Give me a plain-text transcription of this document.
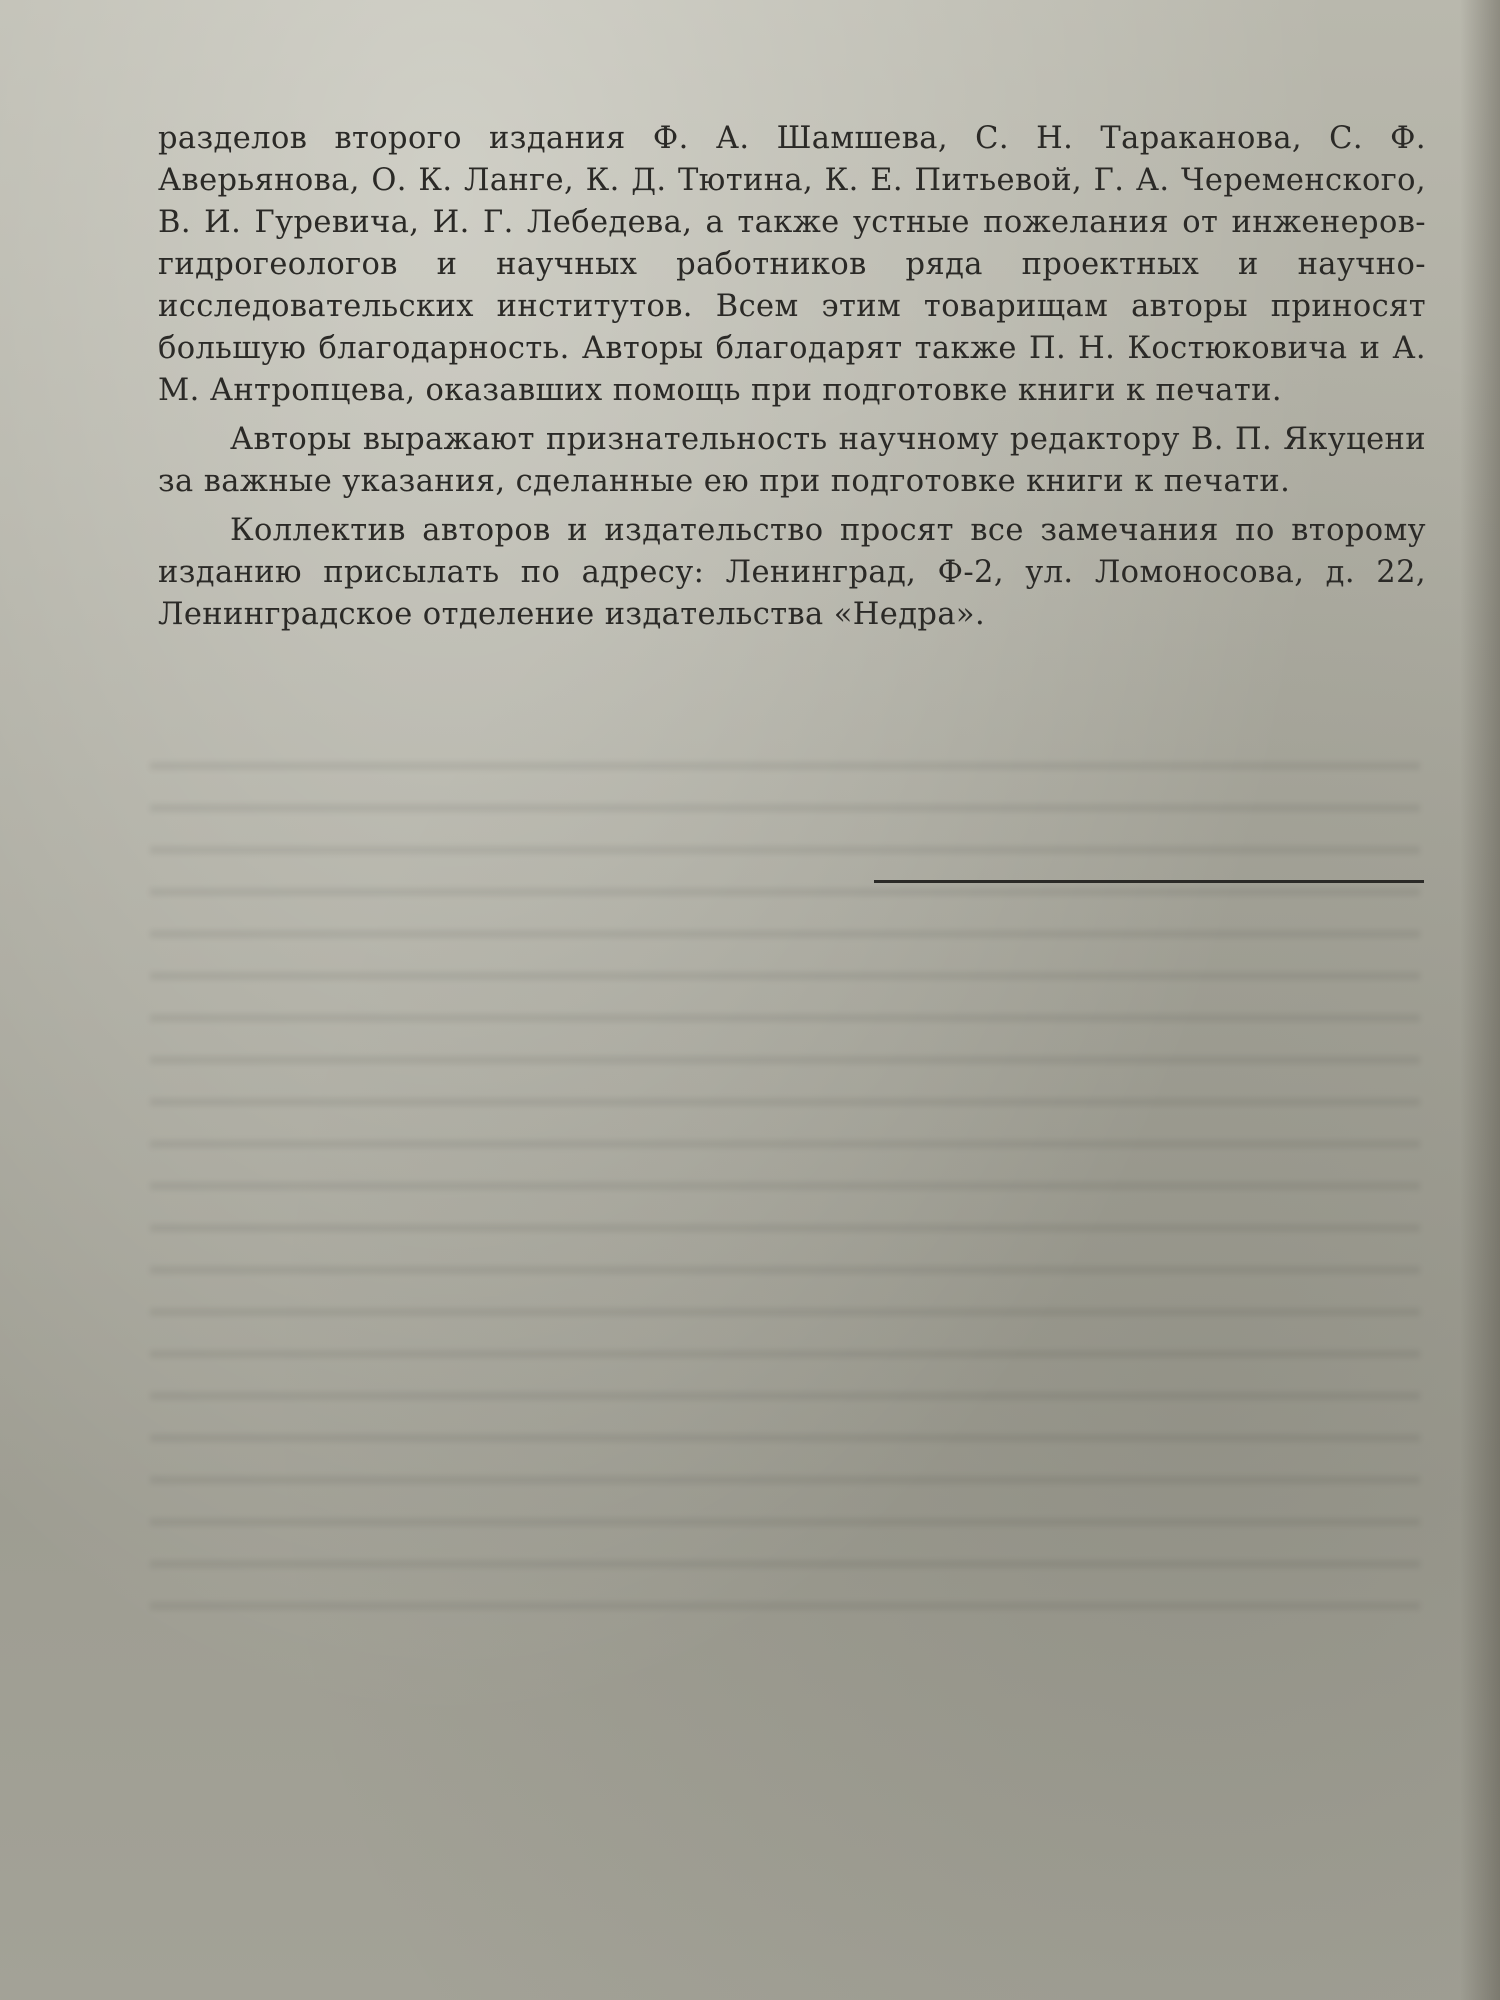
разделов второго издания Ф. А. Шамшева, С. Н. Тараканова, С. Ф. Аверьянова, О. К. Ланге, К. Д. Тютина, К. Е. Питьевой, Г. А. Черeменского, В. И. Гуревича, И. Г. Лебедева, а также устные пожелания от инженеров-гидрогеологов и научных работников ряда проектных и научно-исследовательских институтов. Всем этим товарищам авторы приносят большую благодарность. Авторы благодарят также П. Н. Костюковича и А. М. Антропцева, оказавших помощь при подготовке книги к печати.

Авторы выражают признательность научному редактору В. П. Якуцени за важные указания, сделанные ею при подготовке книги к печати.

Коллектив авторов и издательство просят все замечания по второму изданию присылать по адресу: Ленинград, Ф-2, ул. Ломоносова, д. 22, Ленинградское отделение издательства «Недра».
